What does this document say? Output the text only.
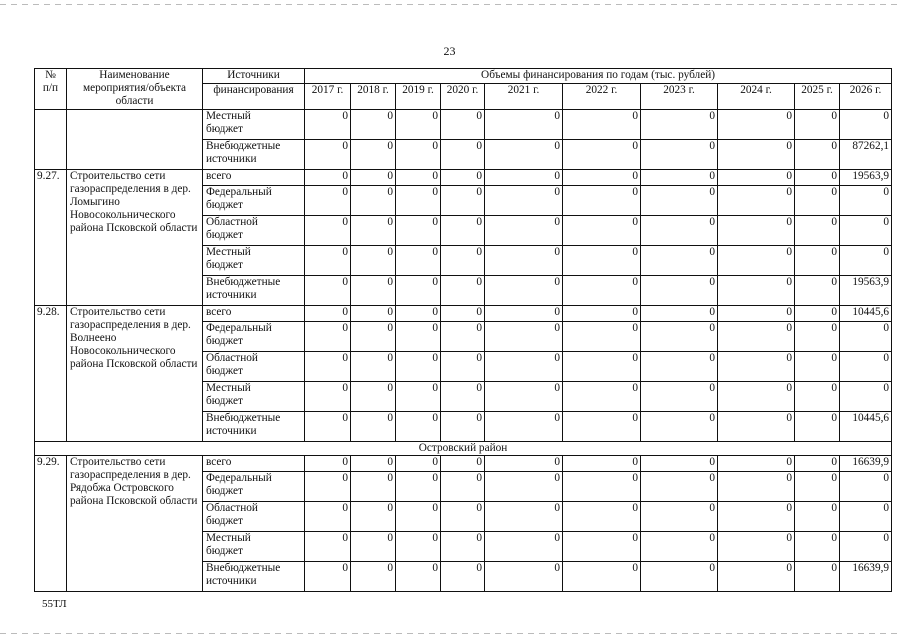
23
№
п/п	Наименование
мероприятия/объекта
области	Источники	Объемы финансирования по годам (тыс. рублей)									
		финансирования	2017 г.	2018 г.	2019 г.	2020 г.	2021 г.	2022 г.	2023 г.	2024 г.	2025 г.	2026 г.
		Местный
бюджет	0	0	0	0	0	0	0	0	0	0
		Внебюджетные
источники	0	0	0	0	0	0	0	0	0	87262,1
9.27.	Строительство сети газораспределения в дер. Ломыгино Новосокольнического района Псковской области	всего	0	0	0	0	0	0	0	0	0	19563,9
		Федеральный
бюджет	0	0	0	0	0	0	0	0	0	0
		Областной
бюджет	0	0	0	0	0	0	0	0	0	0
		Местный
бюджет	0	0	0	0	0	0	0	0	0	0
		Внебюджетные
источники	0	0	0	0	0	0	0	0	0	19563,9
9.28.	Строительство сети газораспределения в дер. Волнеено Новосокольнического района Псковской области	всего	0	0	0	0	0	0	0	0	0	10445,6
		Федеральный
бюджет	0	0	0	0	0	0	0	0	0	0
		Областной
бюджет	0	0	0	0	0	0	0	0	0	0
		Местный
бюджет	0	0	0	0	0	0	0	0	0	0
		Внебюджетные
источники	0	0	0	0	0	0	0	0	0	10445,6
Островский район												
9.29.	Строительство сети газораспределения в дер. Рядобжа Островского района Псковской области	всего	0	0	0	0	0	0	0	0	0	16639,9
		Федеральный
бюджет	0	0	0	0	0	0	0	0	0	0
		Областной
бюджет	0	0	0	0	0	0	0	0	0	0
		Местный
бюджет	0	0	0	0	0	0	0	0	0	0
		Внебюджетные
источники	0	0	0	0	0	0	0	0	0	16639,9
55ТЛ
